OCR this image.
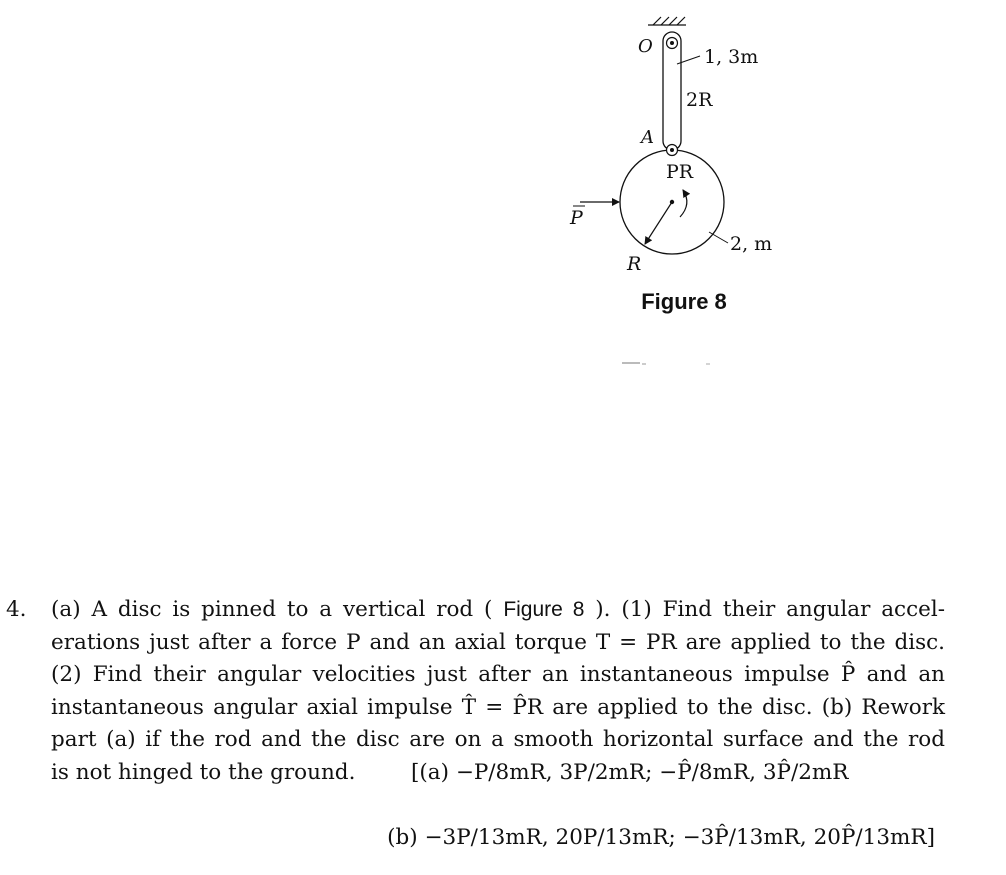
O
A
1, 3m
2R
PR
R
P
2, m
Figure 8
4. (a) A disc is pinned to a vertical rod ( Figure 8 ). (1) Find their angular accel-
erations just after a force P and an axial torque T = PR are applied to the disc.
(2) Find their angular velocities just after an instantaneous impulse P̂ and an
instantaneous angular axial impulse T̂ = P̂R are applied to the disc. (b) Rework
part (a) if the rod and the disc are on a smooth horizontal surface and the rod
is not hinged to the ground.	[(a) −P/8mR, 3P/2mR; −P̂/8mR, 3P̂/2mR
(b) −3P/13mR, 20P/13mR; −3P̂/13mR, 20P̂/13mR]
